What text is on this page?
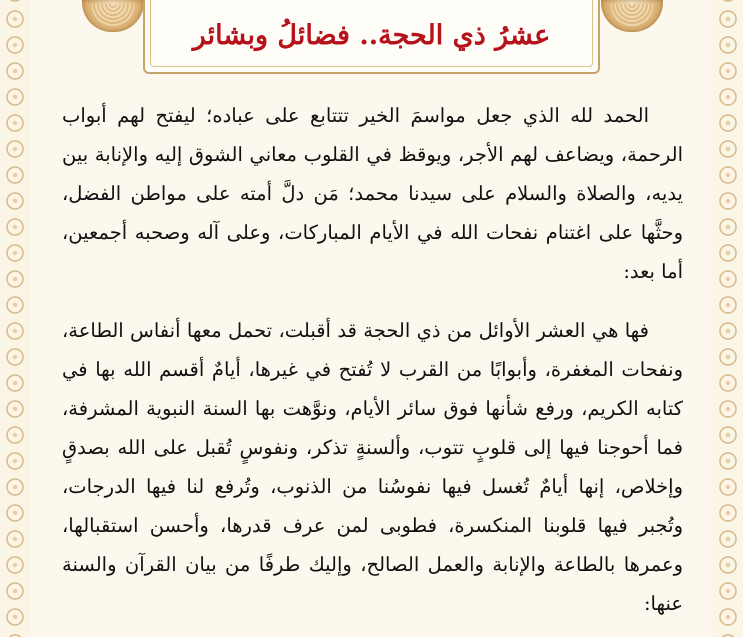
عشرُ ذي الحجة.. فضائلُ وبشائر

الحمد لله الذي جعل مواسمَ الخير تتتابع على عباده؛ ليفتح لهم أبواب الرحمة، ويضاعف لهم الأجر، ويوقظ في القلوب معاني الشوق إليه والإنابة بين يديه، والصلاة والسلام على سيدنا محمد؛ مَن دلَّ أمته على مواطن الفضل، وحثَّها على اغتنام نفحات الله في الأيام المباركات، وعلى آله وصحبه أجمعين، أما بعد:

فها هي العشر الأوائل من ذي الحجة قد أقبلت، تحمل معها أنفاس الطاعة، ونفحات المغفرة، وأبوابًا من القرب لا تُفتح في غيرها، أيامٌ أقسم الله بها في كتابه الكريم، ورفع شأنها فوق سائر الأيام، ونوَّهت بها السنة النبوية المشرفة، فما أحوجنا فيها إلى قلوبٍ تتوب، وألسنةٍ تذكر، ونفوسٍ تُقبل على الله بصدقٍ وإخلاص، إنها أيامٌ تُغسل فيها نفوسُنا من الذنوب، وتُرفع لنا فيها الدرجات، وتُجبر فيها قلوبنا المنكسرة، فطوبى لمن عرف قدرها، وأحسن استقبالها، وعمرها بالطاعة والإنابة والعمل الصالح، وإليك طرفًا من بيان القرآن والسنة عنها:
